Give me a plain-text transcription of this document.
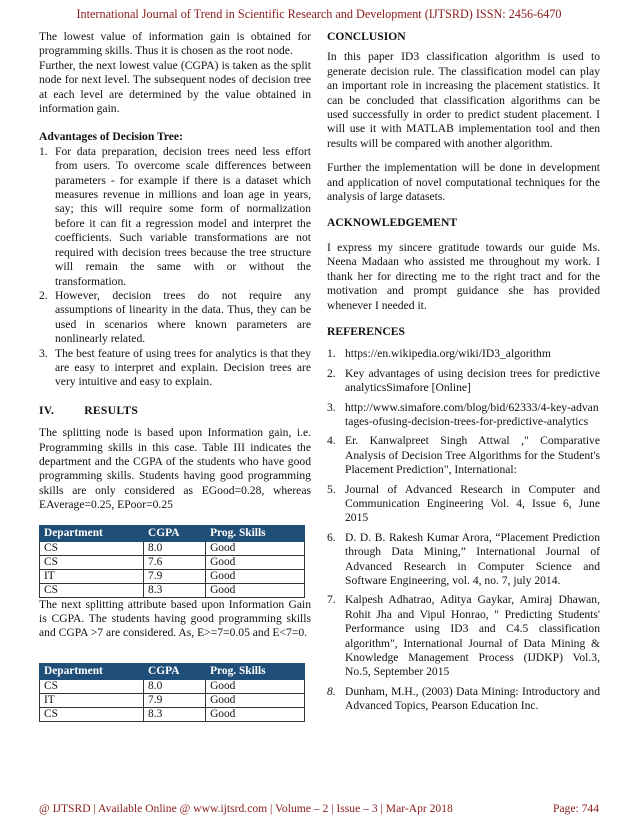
International Journal of Trend in Scientific Research and Development (IJTSRD) ISSN: 2456-6470

The lowest value of information gain is obtained for programming skills. Thus it is chosen as the root node.

Further, the next lowest value (CGPA) is taken as the split node for next level. The subsequent nodes of decision tree at each level are determined by the value obtained in information gain.

Advantages of Decision Tree:

1. For data preparation, decision trees need less effort from users. To overcome scale differences between parameters - for example if there is a dataset which measures revenue in millions and loan age in years, say; this will require some form of normalization before it can fit a regression model and interpret the coefficients. Such variable transformations are not required with decision trees because the tree structure will remain the same with or without the transformation.
2. However, decision trees do not require any assumptions of linearity in the data. Thus, they can be used in scenarios where known parameters are nonlinearly related.
3. The best feature of using trees for analytics is that they are easy to interpret and explain. Decision trees are very intuitive and easy to explain.

IV.	RESULTS

The splitting node is based upon Information gain, i.e. Programming skills in this case. Table III indicates the department and the CGPA of the students who have good programming skills. Students having good programming skills are only considered as EGood=0.28, whereas EAverage=0.25, EPoor=0.25

Department	CGPA	Prog. Skills
CS	8.0	Good
CS	7.6	Good
IT	7.9	Good
CS	8.3	Good

The next splitting attribute based upon Information Gain is CGPA. The students having good programming skills and CGPA >7 are considered. As, E>=7=0.05 and E<7=0.

Department	CGPA	Prog. Skills
CS	8.0	Good
IT	7.9	Good
CS	8.3	Good

CONCLUSION

In this paper ID3 classification algorithm is used to generate decision rule. The classification model can play an important role in increasing the placement statistics. It can be concluded that classification algorithms can be used successfully in order to predict student placement. I will use it with MATLAB implementation tool and then results will be compared with another algorithm.

Further the implementation will be done in development and application of novel computational techniques for the analysis of large datasets.

ACKNOWLEDGEMENT

I express my sincere gratitude towards our guide Ms. Neena Madaan who assisted me throughout my work. I thank her for directing me to the right tract and for the motivation and prompt guidance she has provided whenever I needed it.

REFERENCES

1. https://en.wikipedia.org/wiki/ID3_algorithm
2. Key advantages of using decision trees for predictive analyticsSimafore [Online]
3. http://www.simafore.com/blog/bid/62333/4-key-advantages-ofusing-decision-trees-for-predictive-analytics
4. Er. Kanwalpreet Singh Attwal ," Comparative Analysis of Decision Tree Algorithms for the Student's Placement Prediction", International:
5. Journal of Advanced Research in Computer and Communication Engineering Vol. 4, Issue 6, June 2015
6. D. D. B. Rakesh Kumar Arora, “Placement Prediction through Data Mining,” International Journal of Advanced Research in Computer Science and Software Engineering, vol. 4, no. 7, july 2014.
7. Kalpesh Adhatrao, Aditya Gaykar, Amiraj Dhawan, Rohit Jha and Vipul Honrao, " Predicting Students' Performance using ID3 and C4.5 classification algorithm", International Journal of Data Mining & Knowledge Management Process (IJDKP) Vol.3, No.5, September 2015
8. Dunham, M.H., (2003) Data Mining: Introductory and Advanced Topics, Pearson Education Inc.
@ IJTSRD | Available Online @ www.ijtsrd.com | Volume – 2 | Issue – 3 | Mar-Apr 2018	Page: 744
